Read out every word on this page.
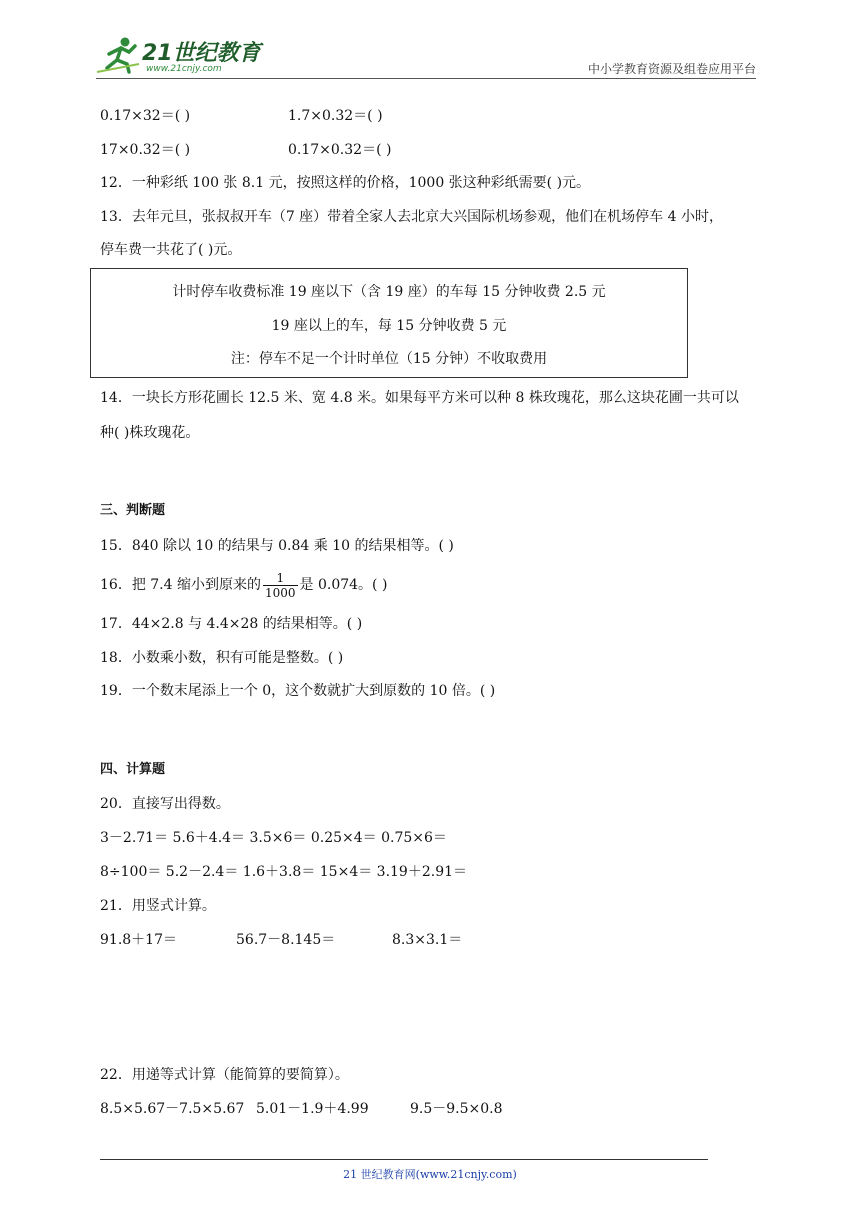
21世纪教育
www.21cnjy.com	中小学教育资源及组卷应用平台
0.17×32＝( )	1.7×0.32＝( )
17×0.32＝( )	0.17×0.32＝( )
12．一种彩纸 100 张 8.1 元，按照这样的价格，1000 张这种彩纸需要( )元。
13．去年元旦，张叔叔开车（7 座）带着全家人去北京大兴国际机场参观，他们在机场停车 4 小时，
停车费一共花了( )元。
计时停车收费标准 19 座以下（含 19 座）的车每 15 分钟收费 2.5 元
19 座以上的车，每 15 分钟收费 5 元
注：停车不足一个计时单位（15 分钟）不收取费用
14．一块长方形花圃长 12.5 米、宽 4.8 米。如果每平方米可以种 8 株玫瑰花，那么这块花圃一共可以
种( )株玫瑰花。
三、判断题
15．840 除以 10 的结果与 0.84 乘 10 的结果相等。( )
16．把 7.4 缩小到原来的 $\frac{1}{1000}$ 是 0.074。( )
17．44×2.8 与 4.4×28 的结果相等。( )
18．小数乘小数，积有可能是整数。( )
19．一个数末尾添上一个 0，这个数就扩大到原数的 10 倍。( )
四、计算题
20．直接写出得数。
3－2.71＝ 5.6＋4.4＝ 3.5×6＝ 0.25×4＝ 0.75×6＝
8÷100＝ 5.2－2.4＝ 1.6＋3.8＝ 15×4＝ 3.19＋2.91＝
21．用竖式计算。
91.8＋17＝	56.7－8.145＝	8.3×3.1＝
22．用递等式计算（能简算的要简算）。
8.5×5.67－7.5×5.67 5.01－1.9＋4.99	9.5－9.5×0.8
21 世纪教育网(www.21cnjy.com)
